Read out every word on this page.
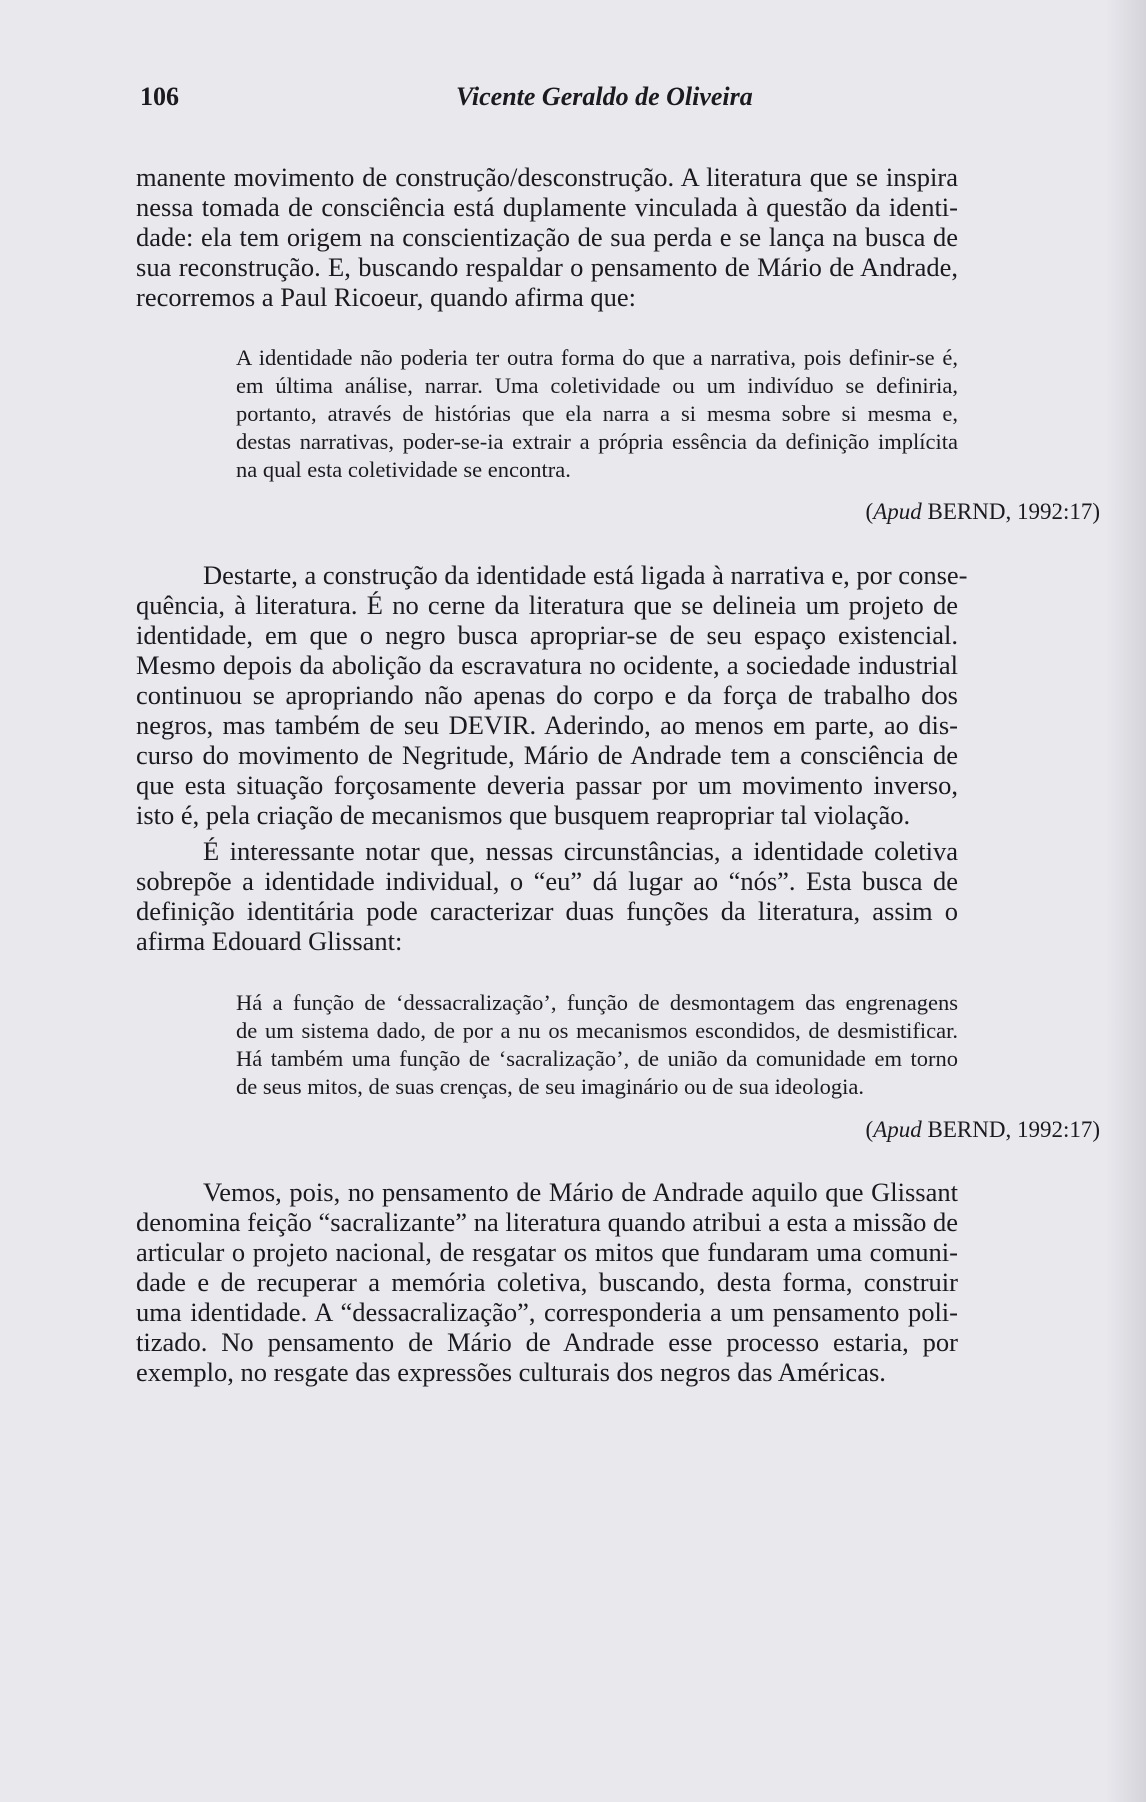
106	Vicente Geraldo de Oliveira
manente movimento de construção/desconstrução. A literatura que se inspira
nessa tomada de consciência está duplamente vinculada à questão da identi-
dade: ela tem origem na conscientização de sua perda e se lança na busca de
sua reconstrução. E, buscando respaldar o pensamento de Mário de Andrade,
recorremos a Paul Ricoeur, quando afirma que:
A identidade não poderia ter outra forma do que a narrativa, pois definir-se é,
em última análise, narrar. Uma coletividade ou um indivíduo se definiria,
portanto, através de histórias que ela narra a si mesma sobre si mesma e,
destas narrativas, poder-se-ia extrair a própria essência da definição implícita
na qual esta coletividade se encontra.
(Apud BERND, 1992:17)
Destarte, a construção da identidade está ligada à narrativa e, por conse-
quência, à literatura. É no cerne da literatura que se delineia um projeto de
identidade, em que o negro busca apropriar-se de seu espaço existencial.
Mesmo depois da abolição da escravatura no ocidente, a sociedade industrial
continuou se apropriando não apenas do corpo e da força de trabalho dos
negros, mas também de seu DEVIR. Aderindo, ao menos em parte, ao dis-
curso do movimento de Negritude, Mário de Andrade tem a consciência de
que esta situação forçosamente deveria passar por um movimento inverso,
isto é, pela criação de mecanismos que busquem reapropriar tal violação.
É interessante notar que, nessas circunstâncias, a identidade coletiva
sobrepõe a identidade individual, o “eu” dá lugar ao “nós”. Esta busca de
definição identitária pode caracterizar duas funções da literatura, assim o
afirma Edouard Glissant:
Há a função de ‘dessacralização’, função de desmontagem das engrenagens
de um sistema dado, de por a nu os mecanismos escondidos, de desmistificar.
Há também uma função de ‘sacralização’, de união da comunidade em torno
de seus mitos, de suas crenças, de seu imaginário ou de sua ideologia.
(Apud BERND, 1992:17)
Vemos, pois, no pensamento de Mário de Andrade aquilo que Glissant
denomina feição “sacralizante” na literatura quando atribui a esta a missão de
articular o projeto nacional, de resgatar os mitos que fundaram uma comuni-
dade e de recuperar a memória coletiva, buscando, desta forma, construir
uma identidade. A “dessacralização”, corresponderia a um pensamento poli-
tizado. No pensamento de Mário de Andrade esse processo estaria, por
exemplo, no resgate das expressões culturais dos negros das Américas.
